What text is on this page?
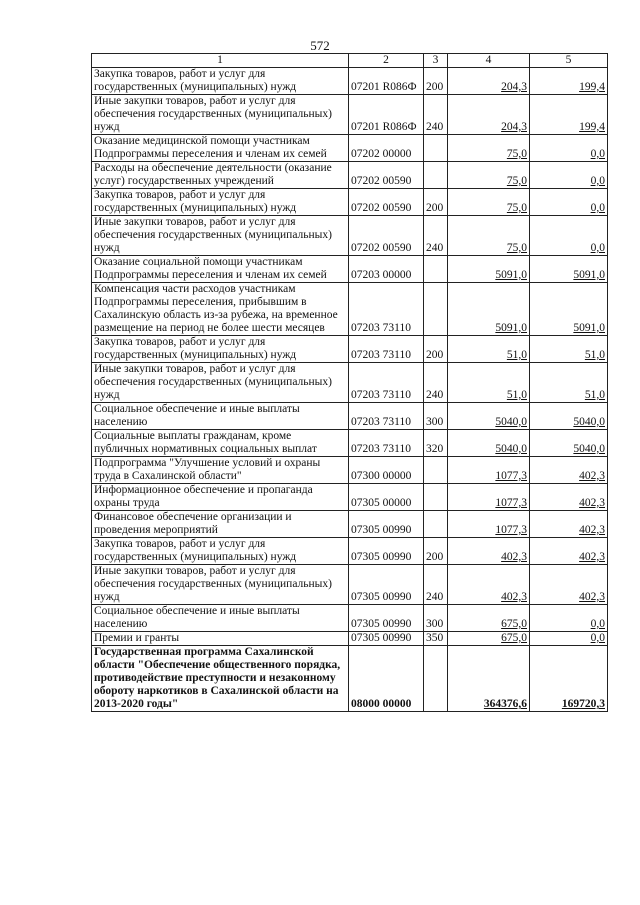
572
1	2	3	4	5
Закупка товаров, работ и услуг для государственных (муниципальных) нужд	07201 R086Ф	200	204,3	199,4
Иные закупки товаров, работ и услуг для обеспечения государственных (муниципальных) нужд	07201 R086Ф	240	204,3	199,4
Оказание медицинской помощи участникам Подпрограммы переселения и членам их семей	07202 00000		75,0	0,0
Расходы на обеспечение деятельности (оказание услуг) государственных учреждений	07202 00590		75,0	0,0
Закупка товаров, работ и услуг для государственных (муниципальных) нужд	07202 00590	200	75,0	0,0
Иные закупки товаров, работ и услуг для обеспечения государственных (муниципальных) нужд	07202 00590	240	75,0	0,0
Оказание социальной помощи участникам Подпрограммы переселения и членам их семей	07203 00000		5091,0	5091,0
Компенсация части расходов участникам Подпрограммы переселения, прибывшим в Сахалинскую область из-за рубежа, на временное размещение на период не более шести месяцев	07203 73110		5091,0	5091,0
Закупка товаров, работ и услуг для государственных (муниципальных) нужд	07203 73110	200	51,0	51,0
Иные закупки товаров, работ и услуг для обеспечения государственных (муниципальных) нужд	07203 73110	240	51,0	51,0
Социальное обеспечение и иные выплаты населению	07203 73110	300	5040,0	5040,0
Социальные выплаты гражданам, кроме публичных нормативных социальных выплат	07203 73110	320	5040,0	5040,0
Подпрограмма "Улучшение условий и охраны труда в Сахалинской области"	07300 00000		1077,3	402,3
Информационное обеспечение и пропаганда охраны труда	07305 00000		1077,3	402,3
Финансовое обеспечение организации и проведения мероприятий	07305 00990		1077,3	402,3
Закупка товаров, работ и услуг для государственных (муниципальных) нужд	07305 00990	200	402,3	402,3
Иные закупки товаров, работ и услуг для обеспечения государственных (муниципальных) нужд	07305 00990	240	402,3	402,3
Социальное обеспечение и иные выплаты населению	07305 00990	300	675,0	0,0
Премии и гранты	07305 00990	350	675,0	0,0
Государственная программа Сахалинской области "Обеспечение общественного порядка, противодействие преступности и незаконному обороту наркотиков в Сахалинской области на 2013-2020 годы"	08000 00000		364376,6	169720,3
